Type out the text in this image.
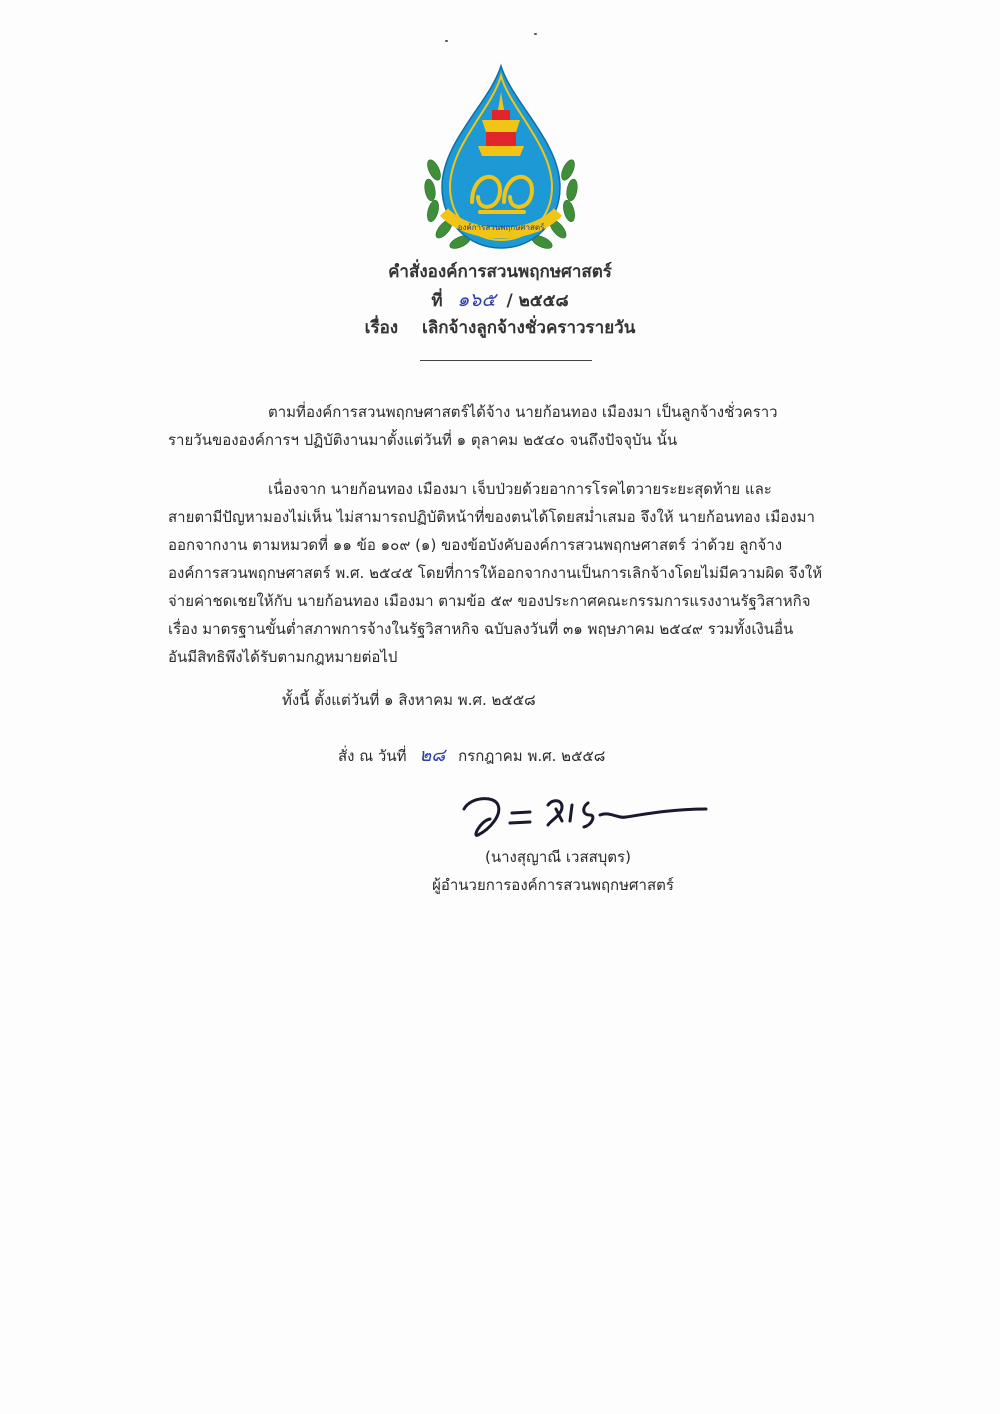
องค์การสวนพฤกษศาสตร์
คำสั่งองค์การสวนพฤกษศาสตร์
ที่ ๑๖๕ / ๒๕๕๘
เรื่อง เลิกจ้างลูกจ้างชั่วคราวรายวัน
ตามที่องค์การสวนพฤกษศาสตร์ได้จ้าง นายก้อนทอง เมืองมา เป็นลูกจ้างชั่วคราว
รายวันขององค์การฯ ปฏิบัติงานมาตั้งแต่วันที่ ๑ ตุลาคม ๒๕๔๐ จนถึงปัจจุบัน นั้น
เนื่องจาก นายก้อนทอง เมืองมา เจ็บป่วยด้วยอาการโรคไตวายระยะสุดท้าย และ
สายตามีปัญหามองไม่เห็น ไม่สามารถปฏิบัติหน้าที่ของตนได้โดยสม่ำเสมอ จึงให้ นายก้อนทอง เมืองมา
ออกจากงาน ตามหมวดที่ ๑๑ ข้อ ๑๐๙ (๑) ของข้อบังคับองค์การสวนพฤกษศาสตร์ ว่าด้วย ลูกจ้าง
องค์การสวนพฤกษศาสตร์ พ.ศ. ๒๕๔๕ โดยที่การให้ออกจากงานเป็นการเลิกจ้างโดยไม่มีความผิด จึงให้
จ่ายค่าชดเชยให้กับ นายก้อนทอง เมืองมา ตามข้อ ๕๙ ของประกาศคณะกรรมการแรงงานรัฐวิสาหกิจ
เรื่อง มาตรฐานขั้นต่ำสภาพการจ้างในรัฐวิสาหกิจ ฉบับลงวันที่ ๓๑ พฤษภาคม ๒๕๔๙ รวมทั้งเงินอื่น
อันมีสิทธิพึงได้รับตามกฎหมายต่อไป
ทั้งนี้ ตั้งแต่วันที่ ๑ สิงหาคม พ.ศ. ๒๕๕๘
สั่ง ณ วันที่ ๒๘ กรกฎาคม พ.ศ. ๒๕๕๘
(นางสุญาณี เวสสบุตร)
ผู้อำนวยการองค์การสวนพฤกษศาสตร์
